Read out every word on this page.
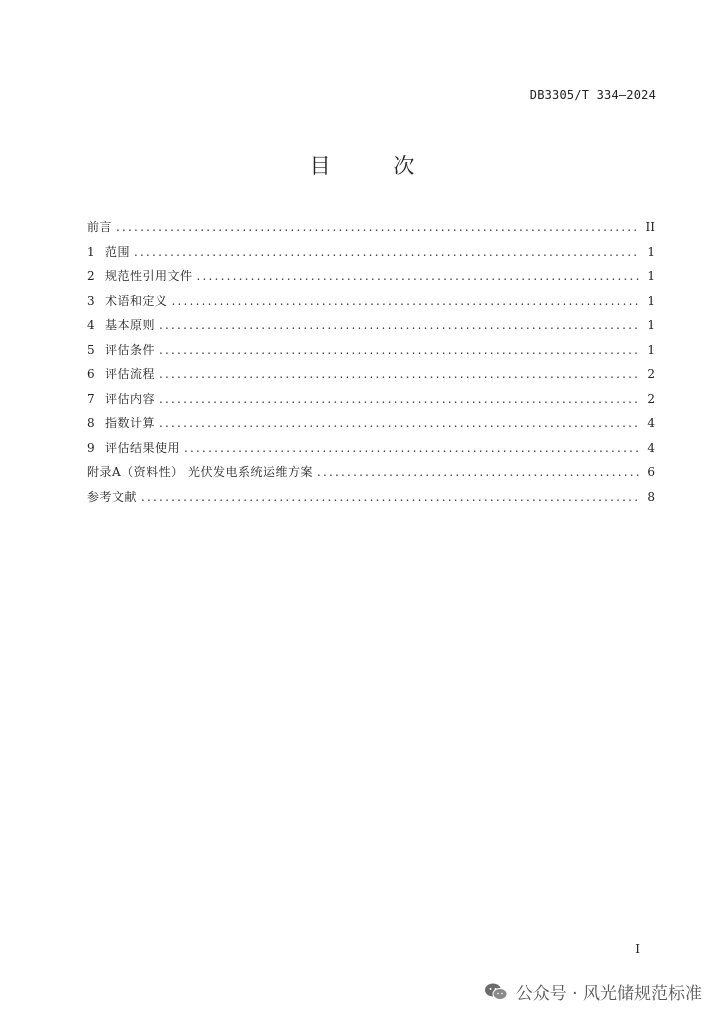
DB3305/T 334—2024
目 次
前言 .....	II
1 范围 .....	1
2 规范性引用文件 .....	1
3 术语和定义 .....	1
4 基本原则 .....	1
5 评估条件 .....	1
6 评估流程 .....	2
7 评估内容 .....	2
8 指数计算 .....	4
9 评估结果使用 .....	4
附录A（资料性） 光伏发电系统运维方案 .....	6
参考文献 .....	8
I
公众号 · 风光储规范标准
